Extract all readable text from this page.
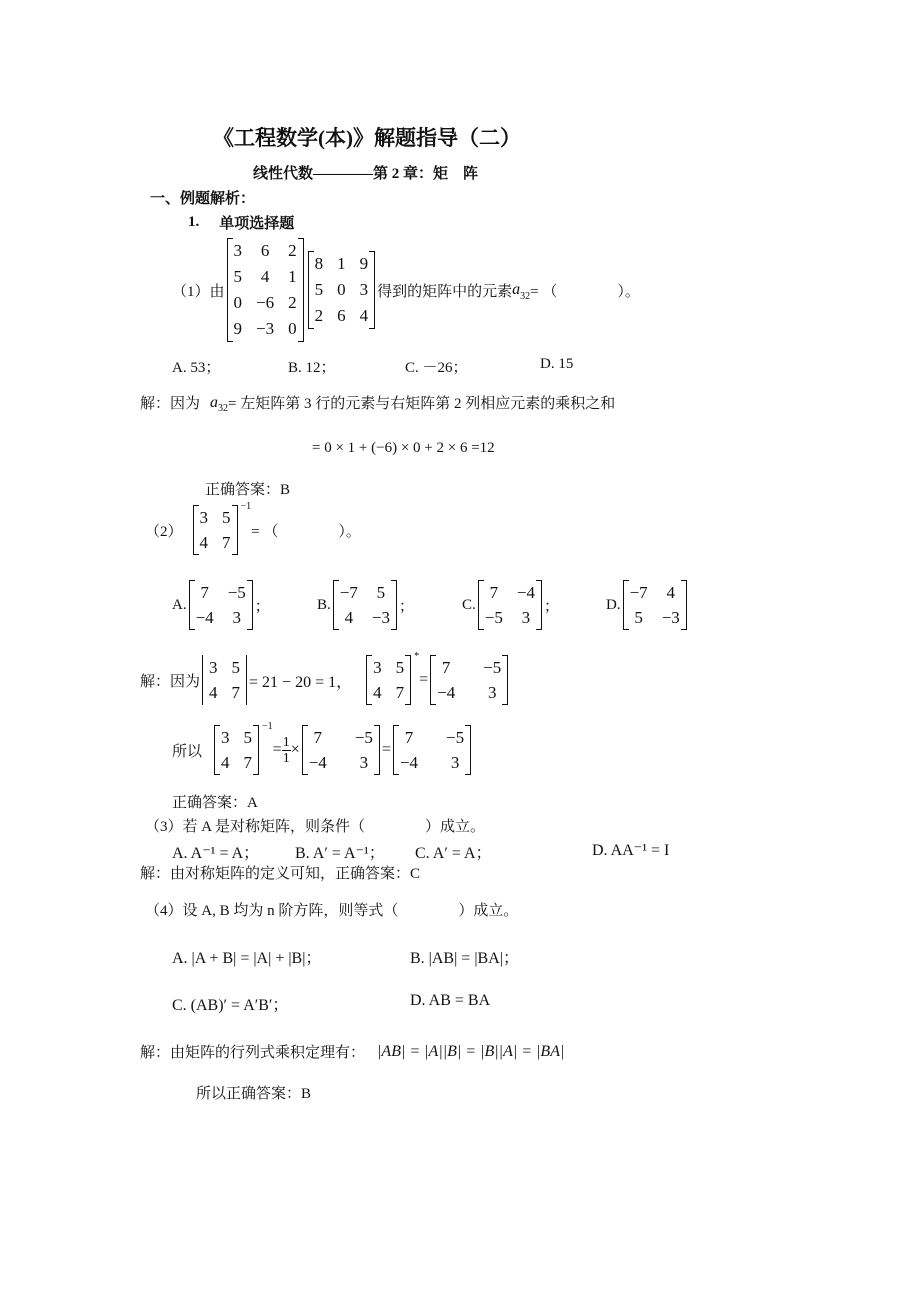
《工程数学(本)》解题指导（二）
线性代数————第 2 章：矩　阵
一、例题解析：
1. 单项选择题
（1）由
3 6 2
5 4 1
0 −6 2
9 −3 0
8 1 9
5 0 3
2 6 4
得到的矩阵中的元素 a 32 = （　　　　）。
A. 53；	B. 12；	C. －26；	D. 15
解：因为 a 32 = 左矩阵第 3 行的元素与右矩阵第 2 列相应元素的乘积之和
= 0 × 1 + (−6) × 0 + 2 × 6 =12
正确答案：B
（2）
3 5
4 7
−1
= （　　　　）。
A.
7 −5
−4 3
；	B.
−7 5
4 −3
；	C.
7 −4
−5 3
；	D.
−7 4
5 −3
解：因为
3 5
4 7
= 21 − 20 = 1，
3 5
4 7
*
=
7 −5
−4 3
所以
3 5
4 7
−1
= $\frac{1}{1}$ ×
7 −5
−4 3
=
7 −5
−4 3
正确答案：A
（3）若 A 是对称矩阵，则条件（　　　　）成立。
A. A⁻¹ = A； B. A′ = A⁻¹； C. A′ = A；	D. AA⁻¹ = I
解：由对称矩阵的定义可知，正确答案：C
（4）设 A, B 均为 n 阶方阵，则等式（　　　　）成立。
A. |A + B| = |A| + |B|；	B. |AB| = |BA|；
C. (AB)′ = A′B′；	D. AB = BA
解：由矩阵的行列式乘积定理有： |AB| = |A||B| = |B||A| = |BA|
所以正确答案：B
